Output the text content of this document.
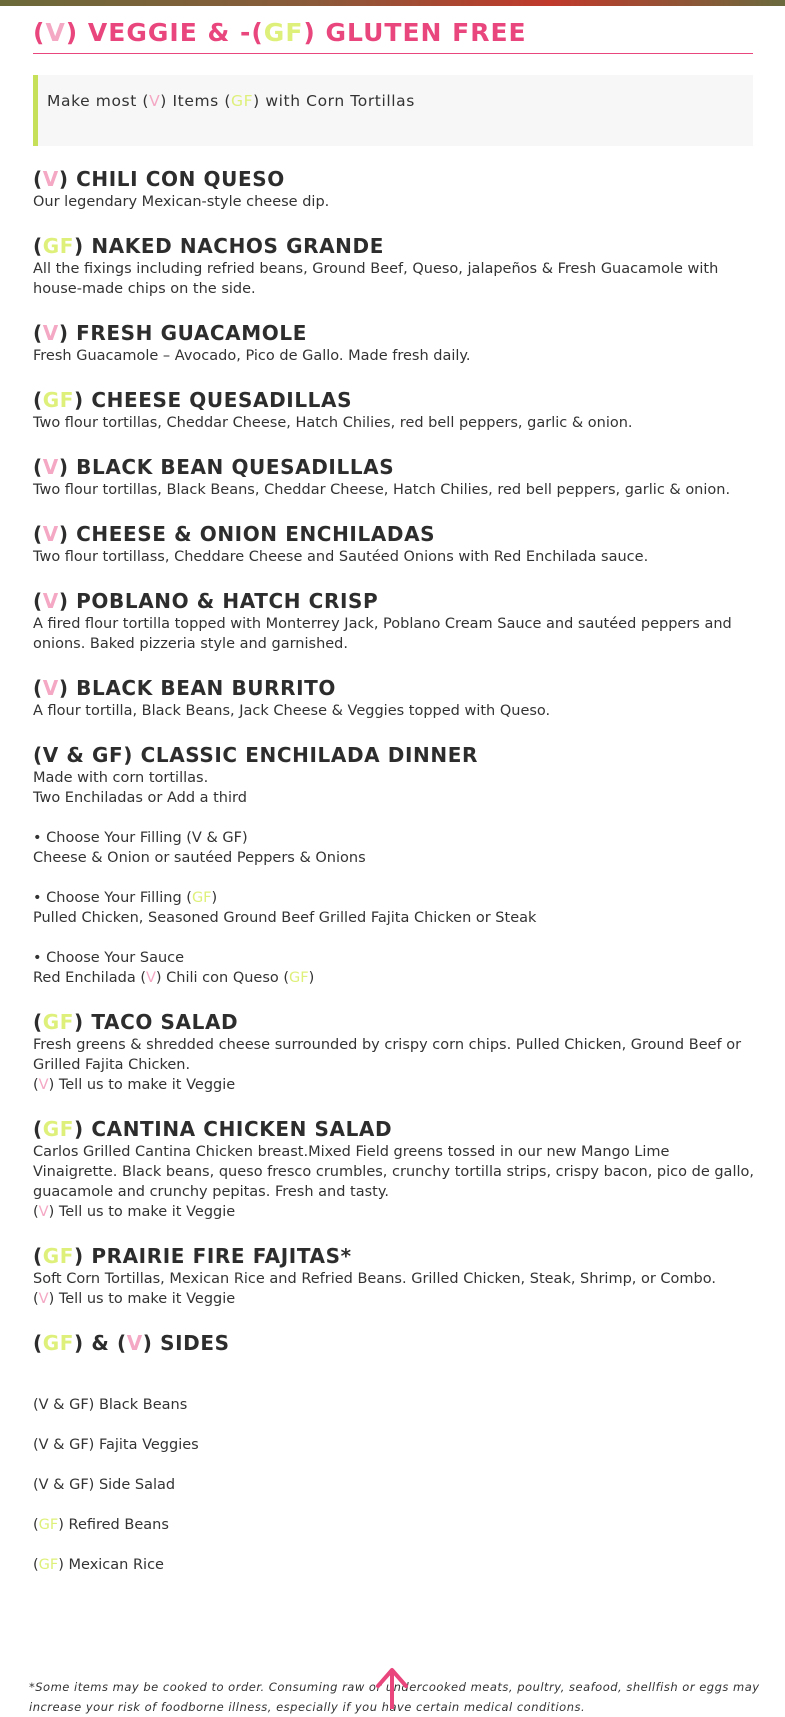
(V) VEGGIE & -(GF) GLUTEN FREE
Make most (V) Items (GF) with Corn Tortillas
(V) CHILI CON QUESO
Our legendary Mexican-style cheese dip.
(GF) NAKED NACHOS GRANDE
All the fixings including refried beans, Ground Beef, Queso, jalapeños & Fresh Guacamole with house-made chips on the side.
(V) FRESH GUACAMOLE
Fresh Guacamole – Avocado, Pico de Gallo. Made fresh daily.
(GF) CHEESE QUESADILLAS
Two flour tortillas, Cheddar Cheese, Hatch Chilies, red bell peppers, garlic & onion.
(V) BLACK BEAN QUESADILLAS
Two flour tortillas, Black Beans, Cheddar Cheese, Hatch Chilies, red bell peppers, garlic & onion.
(V) CHEESE & ONION ENCHILADAS
Two flour tortillass, Cheddare Cheese and Sautéed Onions with Red Enchilada sauce.
(V) POBLANO & HATCH CRISP
A fired flour tortilla topped with Monterrey Jack, Poblano Cream Sauce and sautéed peppers and onions. Baked pizzeria style and garnished.
(V) BLACK BEAN BURRITO
A flour tortilla, Black Beans, Jack Cheese & Veggies topped with Queso.
(V & GF) CLASSIC ENCHILADA DINNER
Made with corn tortillas.
Two Enchiladas or Add a third
• Choose Your Filling (V & GF)
Cheese & Onion or sautéed Peppers & Onions
• Choose Your Filling (GF)
Pulled Chicken, Seasoned Ground Beef Grilled Fajita Chicken or Steak
• Choose Your Sauce
Red Enchilada (V) Chili con Queso (GF)
(GF) TACO SALAD
Fresh greens & shredded cheese surrounded by crispy corn chips. Pulled Chicken, Ground Beef or Grilled Fajita Chicken.
(V) Tell us to make it Veggie
(GF) CANTINA CHICKEN SALAD
Carlos Grilled Cantina Chicken breast.Mixed Field greens tossed in our new Mango Lime Vinaigrette. Black beans, queso fresco crumbles, crunchy tortilla strips, crispy bacon, pico de gallo, guacamole and crunchy pepitas. Fresh and tasty.
(V) Tell us to make it Veggie
(GF) PRAIRIE FIRE FAJITAS*
Soft Corn Tortillas, Mexican Rice and Refried Beans. Grilled Chicken, Steak, Shrimp, or Combo.
(V) Tell us to make it Veggie
(GF) & (V) SIDES
(V & GF) Black Beans
(V & GF) Fajita Veggies
(V & GF) Side Salad
(GF) Refired Beans
(GF) Mexican Rice
*Some items may be cooked to order. Consuming raw or undercooked meats, poultry, seafood, shellfish or eggs may increase your risk of foodborne illness, especially if you have certain medical conditions.
